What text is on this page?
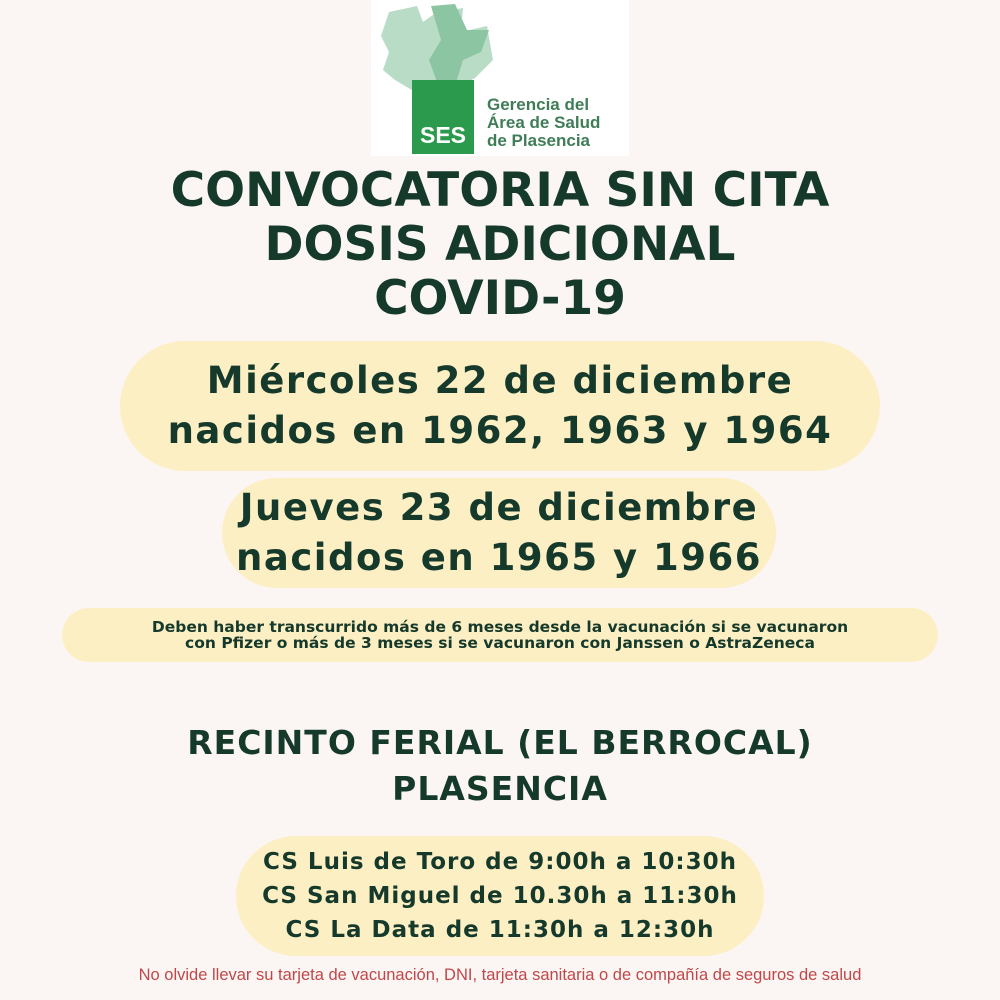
SES
Gerencia del
Área de Salud
de Plasencia
CONVOCATORIA SIN CITA
DOSIS ADICIONAL
COVID-19
Miércoles 22 de diciembre
nacidos en 1962, 1963 y 1964
Jueves 23 de diciembre
nacidos en 1965 y 1966
Deben haber transcurrido más de 6 meses desde la vacunación si se vacunaron
con Pfizer o más de 3 meses si se vacunaron con Janssen o AstraZeneca
RECINTO FERIAL (EL BERROCAL)
PLASENCIA
CS Luis de Toro de 9:00h a 10:30h
CS San Miguel de 10.30h a 11:30h
CS La Data de 11:30h a 12:30h
No olvide llevar su tarjeta de vacunación, DNI, tarjeta sanitaria o de compañía de seguros de salud
